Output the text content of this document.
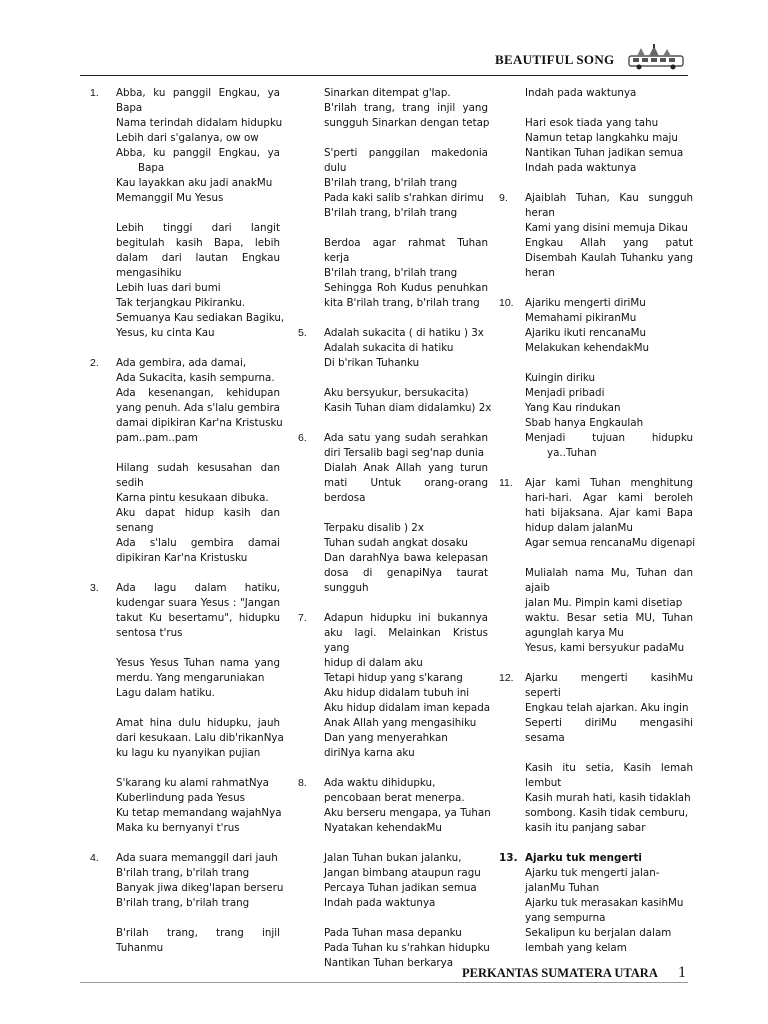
BEAUTIFUL SONG
1.	Abba, ku panggil Engkau, ya
Bapa
Nama terindah didalam hidupku
Lebih dari s'galanya, ow ow
Abba, ku panggil Engkau, ya
Bapa
Kau layakkan aku jadi anakMu
Memanggil Mu Yesus
Lebih tinggi dari langit
begitulah kasih Bapa, lebih
dalam dari lautan Engkau
mengasihiku
Lebih luas dari bumi
Tak terjangkau Pikiranku.
Semuanya Kau sediakan Bagiku,
Yesus, ku cinta Kau
2.	Ada gembira, ada damai,
Ada Sukacita, kasih sempurna.
Ada kesenangan, kehidupan
yang penuh. Ada s'lalu gembira
damai dipikiran Kar'na Kristusku
pam..pam..pam
Hilang sudah kesusahan dan
sedih
Karna pintu kesukaan dibuka.
Aku dapat hidup kasih dan
senang
Ada s'lalu gembira damai
dipikiran Kar'na Kristusku
3.	Ada lagu dalam hatiku,
kudengar suara Yesus : "Jangan
takut Ku besertamu", hidupku
sentosa t'rus
Yesus Yesus Tuhan nama yang
merdu. Yang mengaruniakan
Lagu dalam hatiku.
Amat hina dulu hidupku, jauh
dari kesukaan. Lalu dib'rikanNya
ku lagu ku nyanyikan pujian
S'karang ku alami rahmatNya
Kuberlindung pada Yesus
Ku tetap memandang wajahNya
Maka ku bernyanyi t'rus
4.	Ada suara memanggil dari jauh
B'rilah trang, b'rilah trang
Banyak jiwa dikeg'lapan berseru
B'rilah trang, b'rilah trang
B'rilah trang, trang injil
Tuhanmu
Sinarkan ditempat g'lap.
B'rilah trang, trang injil yang
sungguh Sinarkan dengan tetap
S'perti panggilan makedonia
dulu
B'rilah trang, b'rilah trang
Pada kaki salib s'rahkan dirimu
B'rilah trang, b'rilah trang
Berdoa agar rahmat Tuhan
kerja
B'rilah trang, b'rilah trang
Sehingga Roh Kudus penuhkan
kita B'rilah trang, b'rilah trang
5.	Adalah sukacita ( di hatiku ) 3x
Adalah sukacita di hatiku
Di b'rikan Tuhanku
Aku bersyukur, bersukacita)
Kasih Tuhan diam didalamku) 2x
6.	Ada satu yang sudah serahkan
diri Tersalib bagi seg'nap dunia
Dialah Anak Allah yang turun
mati Untuk orang-orang
berdosa
Terpaku disalib ) 2x
Tuhan sudah angkat dosaku
Dan darahNya bawa kelepasan
dosa di genapiNya taurat
sungguh
7.	Adapun hidupku ini bukannya
aku lagi. Melainkan Kristus yang
hidup di dalam aku
Tetapi hidup yang s'karang
Aku hidup didalam tubuh ini
Aku hidup didalam iman kepada
Anak Allah yang mengasihiku
Dan yang menyerahkan
diriNya karna aku
8.	Ada waktu dihidupku,
pencobaan berat menerpa.
Aku berseru mengapa, ya Tuhan
Nyatakan kehendakMu
Jalan Tuhan bukan jalanku,
Jangan bimbang ataupun ragu
Percaya Tuhan jadikan semua
Indah pada waktunya
Pada Tuhan masa depanku
Pada Tuhan ku s'rahkan hidupku
Nantikan Tuhan berkarya
Indah pada waktunya
Hari esok tiada yang tahu
Namun tetap langkahku maju
Nantikan Tuhan jadikan semua
Indah pada waktunya
9.	Ajaiblah Tuhan, Kau sungguh
heran
Kami yang disini memuja Dikau
Engkau Allah yang patut
Disembah Kaulah Tuhanku yang
heran
10.	Ajariku mengerti diriMu
Memahami pikiranMu
Ajariku ikuti rencanaMu
Melakukan kehendakMu
Kuingin diriku
Menjadi pribadi
Yang Kau rindukan
Sbab hanya Engkaulah
Menjadi tujuan hidupku
ya..Tuhan
11.	Ajar kami Tuhan menghitung
hari-hari. Agar kami beroleh
hati bijaksana. Ajar kami Bapa
hidup dalam jalanMu
Agar semua rencanaMu digenapi
Mulialah nama Mu, Tuhan dan
ajaib
jalan Mu. Pimpin kami disetiap
waktu. Besar setia MU, Tuhan
agunglah karya Mu
Yesus, kami bersyukur padaMu
12.	Ajarku mengerti kasihMu
seperti
Engkau telah ajarkan. Aku ingin
Seperti diriMu mengasihi
sesama
Kasih itu setia, Kasih lemah
lembut
Kasih murah hati, kasih tidaklah
sombong. Kasih tidak cemburu,
kasih itu panjang sabar
13. Ajarku tuk mengerti
Ajarku tuk mengerti jalan-
jalanMu Tuhan
Ajarku tuk merasakan kasihMu
yang sempurna
Sekalipun ku berjalan dalam
lembah yang kelam
PERKANTAS SUMATERA UTARA 1
